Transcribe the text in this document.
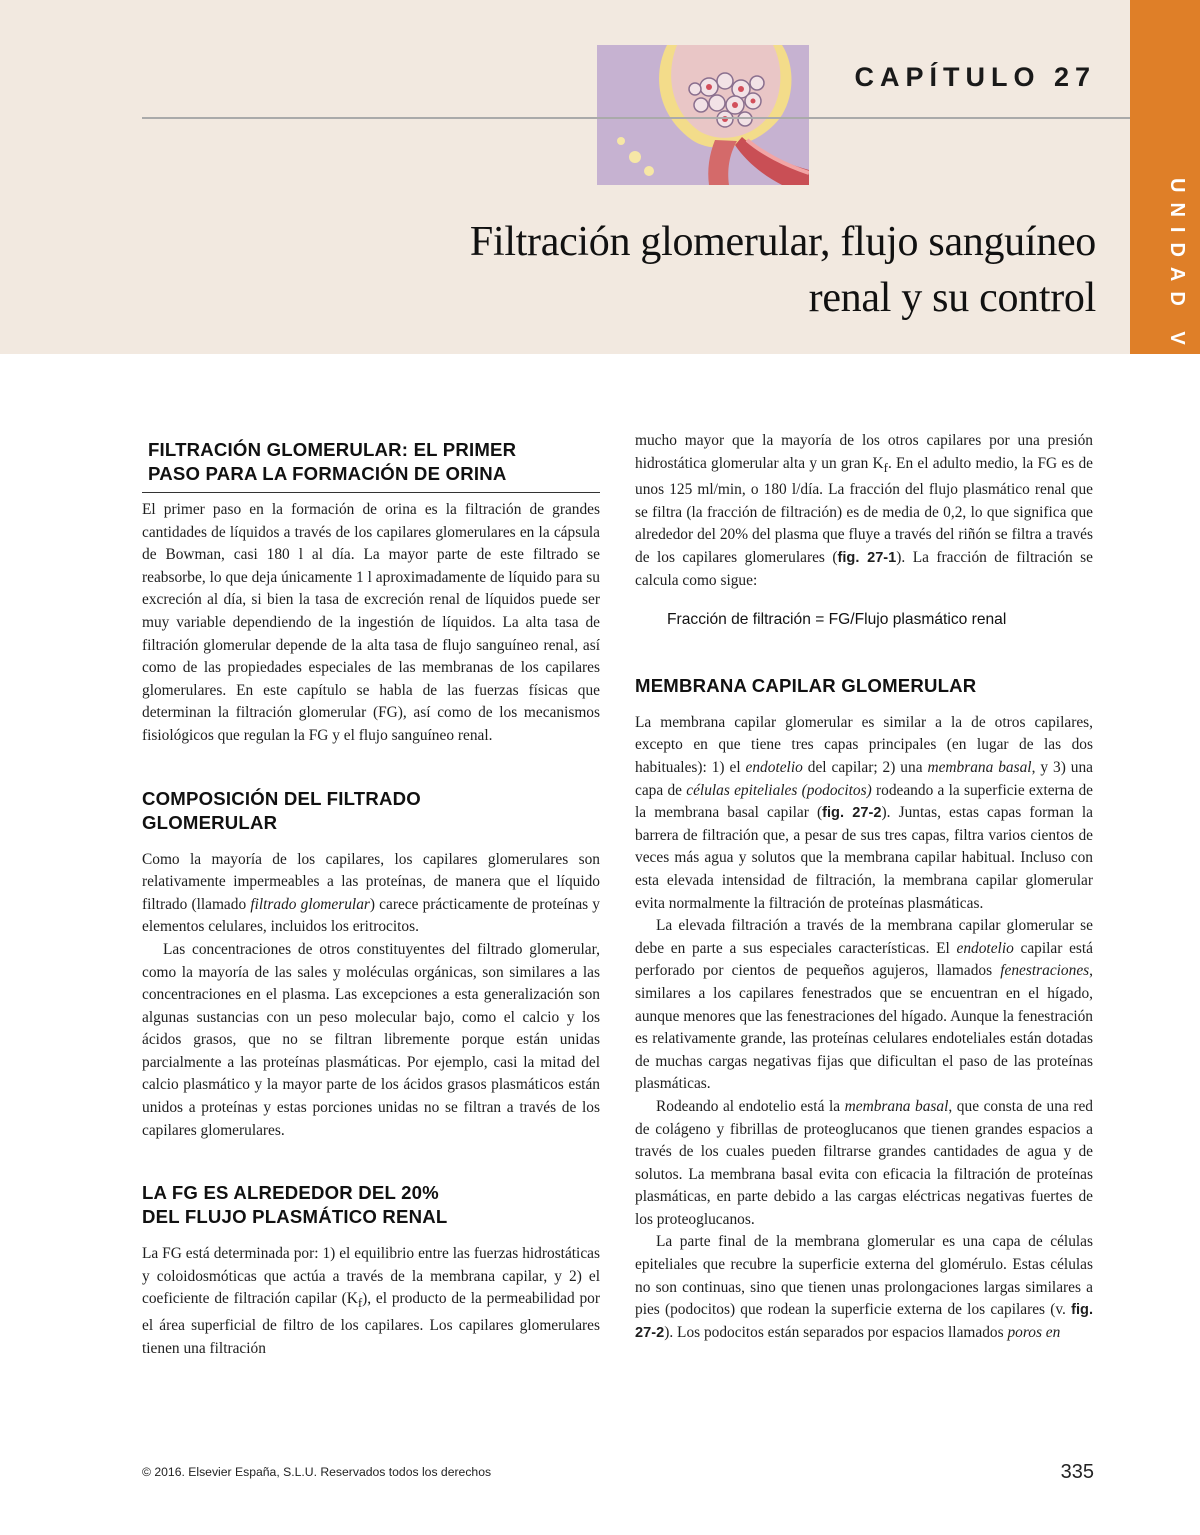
UNIDAD V
CAPÍTULO 27
Filtración glomerular, flujo sanguíneo
renal y su control
FILTRACIÓN GLOMERULAR: EL PRIMER
PASO PARA LA FORMACIÓN DE ORINA

El primer paso en la formación de orina es la filtración de grandes cantidades de líquidos a través de los capilares glomerulares en la cápsula de Bowman, casi 180 l al día. La mayor parte de este filtrado se reabsorbe, lo que deja únicamente 1 l aproximadamente de líquido para su excreción al día, si bien la tasa de excreción renal de líquidos puede ser muy variable dependiendo de la ingestión de líquidos. La alta tasa de filtración glomerular depende de la alta tasa de flujo sanguíneo renal, así como de las propiedades especiales de las membranas de los capilares glomerulares. En este capítulo se habla de las fuerzas físicas que determinan la filtración glomerular (FG), así como de los mecanismos fisiológicos que regulan la FG y el flujo sanguíneo renal.

COMPOSICIÓN DEL FILTRADO
GLOMERULAR

Como la mayoría de los capilares, los capilares glomerulares son relativamente impermeables a las proteínas, de manera que el líquido filtrado (llamado filtrado glomerular) carece prácticamente de proteínas y elementos celulares, incluidos los eritrocitos.

Las concentraciones de otros constituyentes del filtrado glomerular, como la mayoría de las sales y moléculas orgánicas, son similares a las concentraciones en el plasma. Las excepciones a esta generalización son algunas sustancias con un peso molecular bajo, como el calcio y los ácidos grasos, que no se filtran libremente porque están unidas parcialmente a las proteínas plasmáticas. Por ejemplo, casi la mitad del calcio plasmático y la mayor parte de los ácidos grasos plasmáticos están unidos a proteínas y estas porciones unidas no se filtran a través de los capilares glomerulares.

LA FG ES ALREDEDOR DEL 20%
DEL FLUJO PLASMÁTICO RENAL

La FG está determinada por: 1) el equilibrio entre las fuerzas hidrostáticas y coloidosmóticas que actúa a través de la membrana capilar, y 2) el coeficiente de filtración capilar $(K_f)$, el producto de la permeabilidad por el área superficial de filtro de los capilares. Los capilares glomerulares tienen una filtración

mucho mayor que la mayoría de los otros capilares por una presión hidrostática glomerular alta y un gran $K_f$. En el adulto medio, la FG es de unos 125 ml/min, o 180 l/día. La fracción del flujo plasmático renal que se filtra (la fracción de filtración) es de media de 0,2, lo que significa que alrededor del 20% del plasma que fluye a través del riñón se filtra a través de los capilares glomerulares (fig. 27-1). La fracción de filtración se calcula como sigue:

Fracción de filtración = FG/Flujo plasmático renal
MEMBRANA CAPILAR GLOMERULAR

La membrana capilar glomerular es similar a la de otros capilares, excepto en que tiene tres capas principales (en lugar de las dos habituales): 1) el endotelio del capilar; 2) una membrana basal, y 3) una capa de células epiteliales (podocitos) rodeando a la superficie externa de la membrana basal capilar (fig. 27-2). Juntas, estas capas forman la barrera de filtración que, a pesar de sus tres capas, filtra varios cientos de veces más agua y solutos que la membrana capilar habitual. Incluso con esta elevada intensidad de filtración, la membrana capilar glomerular evita normalmente la filtración de proteínas plasmáticas.

La elevada filtración a través de la membrana capilar glomerular se debe en parte a sus especiales características. El endotelio capilar está perforado por cientos de pequeños agujeros, llamados fenestraciones, similares a los capilares fenestrados que se encuentran en el hígado, aunque menores que las fenestraciones del hígado. Aunque la fenestración es relativamente grande, las proteínas celulares endoteliales están dotadas de muchas cargas negativas fijas que dificultan el paso de las proteínas plasmáticas.

Rodeando al endotelio está la membrana basal, que consta de una red de colágeno y fibrillas de proteoglucanos que tienen grandes espacios a través de los cuales pueden filtrarse grandes cantidades de agua y de solutos. La membrana basal evita con eficacia la filtración de proteínas plasmáticas, en parte debido a las cargas eléctricas negativas fuertes de los proteoglucanos.

La parte final de la membrana glomerular es una capa de células epiteliales que recubre la superficie externa del glomérulo. Estas células no son continuas, sino que tienen unas prolongaciones largas similares a pies (podocitos) que rodean la superficie externa de los capilares (v. fig. 27-2). Los podocitos están separados por espacios llamados poros en

© 2016. Elsevier España, S.L.U. Reservados todos los derechos	335
